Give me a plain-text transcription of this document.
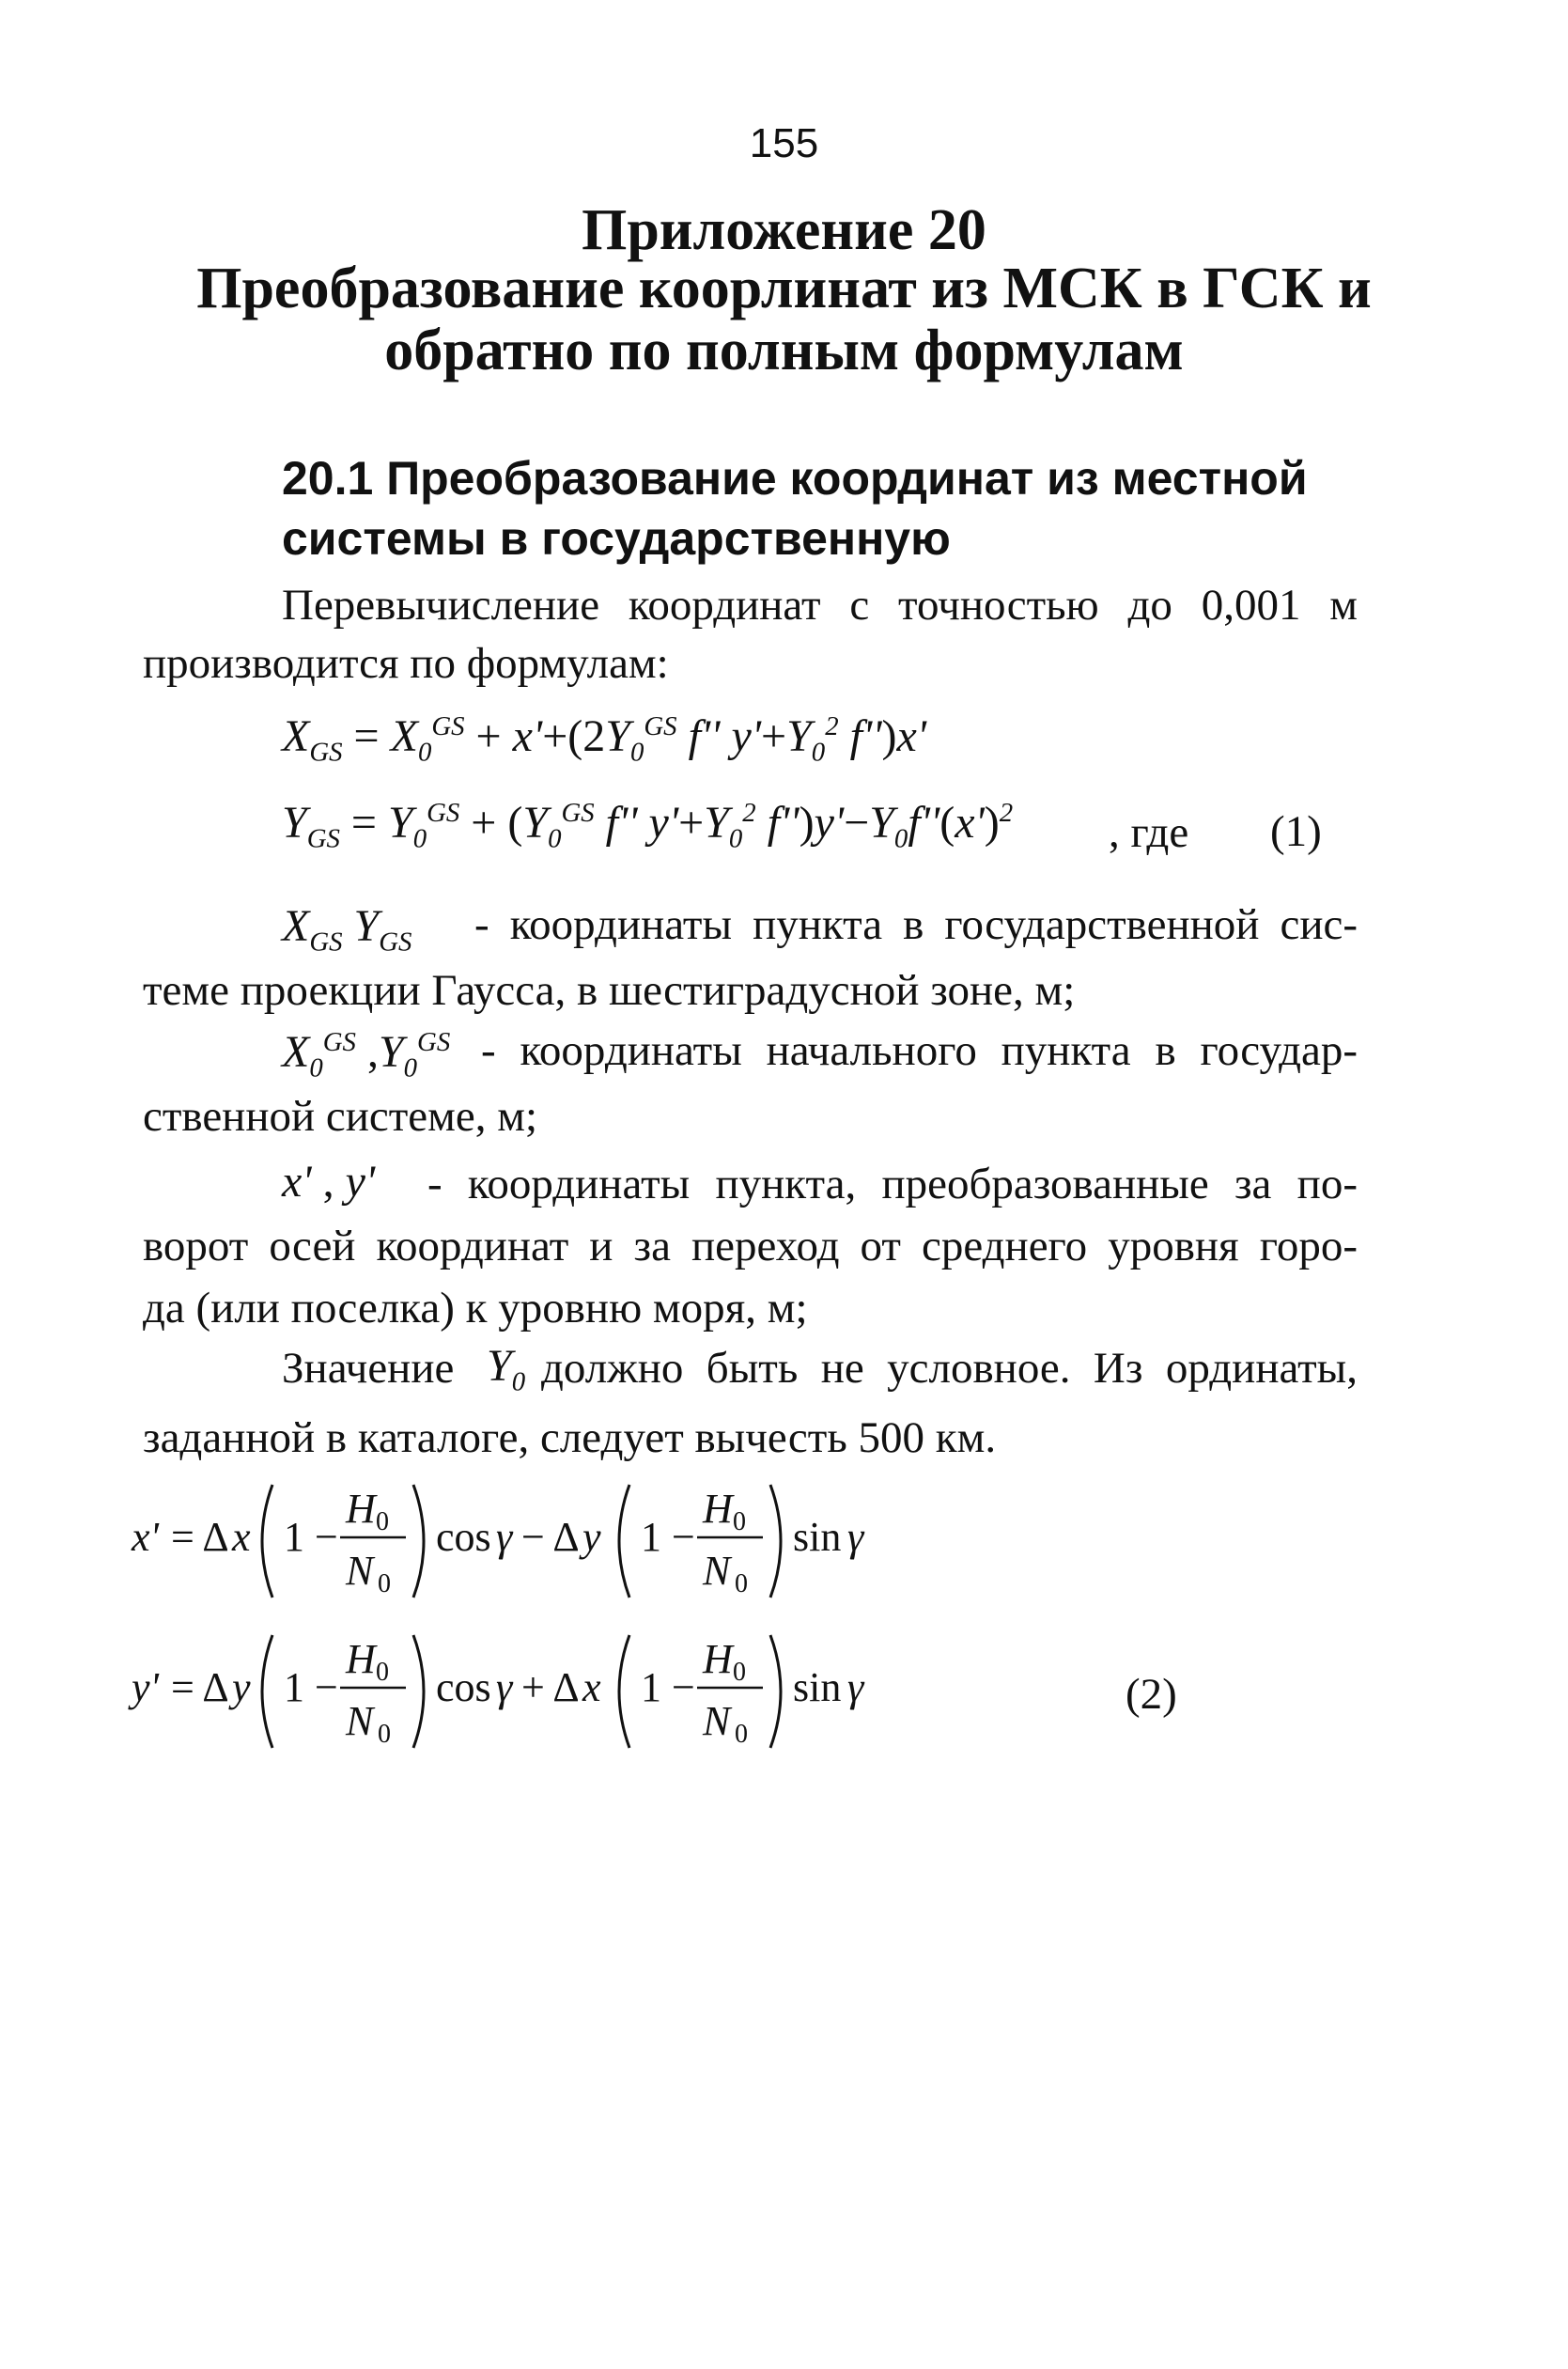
155
Приложение 20
Преобразование коорлинат из МСК в ГСК и
обратно по полным формулам
20.1 Преобразование координат из местной
системы в государственную
Перевычисление координат с точностью до 0,001 м
производится по формулам:
$X_{GS} = X_0^{GS} + x'+(2Y_0^{GS}$ f'' $y'+Y_0^2$ f'')x'
$Y_{GS} = Y_0^{GS} + (Y_0^{GS}$ f'' $y'+Y_0^2$ $f'')y'-Y_0f''(x')^2$ , где (1)
$X_{GS}$ $Y_{GS}$ - координаты пункта в государственной сис-
теме проекции Гаусса, в шестиградусной зоне, м;
$X_0^{GS}$ $,Y_0^{GS}$ - координаты начального пункта в государ-
ственной системе, м;
x' , y' - координаты пункта, преобразованные за по-
ворот осей координат и за переход от среднего уровня горо-
да (или поселка) к уровню моря, м;
Значение $Y_0$ должно быть не условное. Из ординаты,
заданной в каталоге, следует вычесть 500 км.
x' = Δ x 1 −
H 0
N 0
cos γ − Δ y 1 −
H 0
N 0
sin γ
y' = Δ y 1 −
H 0
N 0
cos γ + Δ x 1 −
H 0
N 0
sin γ	(2)
